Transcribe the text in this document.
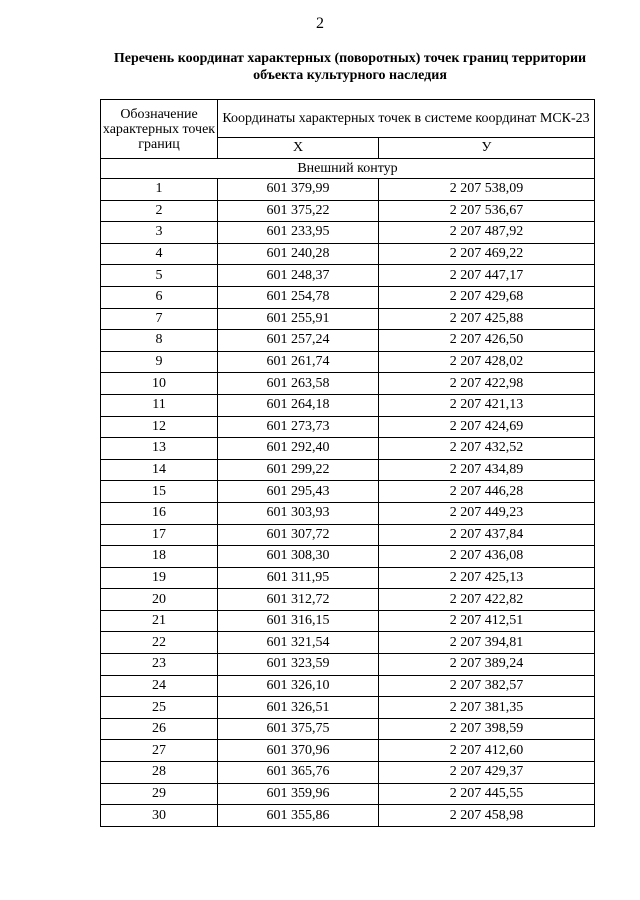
2
Перечень координат характерных (поворотных) точек границ территории
объекта культурного наследия
Обозначение характерных точек границ	Координаты характерных точек в системе координат МСК-23	
	Х	У
Внешний контур		
1	601 379,99	2 207 538,09
2	601 375,22	2 207 536,67
3	601 233,95	2 207 487,92
4	601 240,28	2 207 469,22
5	601 248,37	2 207 447,17
6	601 254,78	2 207 429,68
7	601 255,91	2 207 425,88
8	601 257,24	2 207 426,50
9	601 261,74	2 207 428,02
10	601 263,58	2 207 422,98
11	601 264,18	2 207 421,13
12	601 273,73	2 207 424,69
13	601 292,40	2 207 432,52
14	601 299,22	2 207 434,89
15	601 295,43	2 207 446,28
16	601 303,93	2 207 449,23
17	601 307,72	2 207 437,84
18	601 308,30	2 207 436,08
19	601 311,95	2 207 425,13
20	601 312,72	2 207 422,82
21	601 316,15	2 207 412,51
22	601 321,54	2 207 394,81
23	601 323,59	2 207 389,24
24	601 326,10	2 207 382,57
25	601 326,51	2 207 381,35
26	601 375,75	2 207 398,59
27	601 370,96	2 207 412,60
28	601 365,76	2 207 429,37
29	601 359,96	2 207 445,55
30	601 355,86	2 207 458,98
